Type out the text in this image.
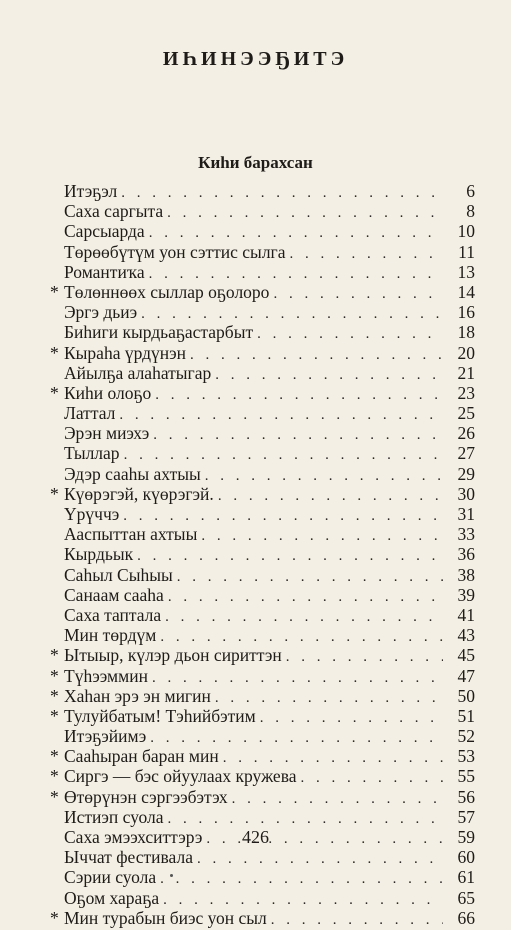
ИҺИНЭЭҔИТЭ
Киһи барахсан
Итэҕэл . . .	6
Саха саргыта . . .	8
Сарсыарда . . .	10
Төрөөбүтүм уон сэттис сылга . . .	11
Романтиҡа . . .	13
* Төлөннөөх сыллар оҕолоро . . .	14
Эргэ дьиэ . . .	16
Биһиги кырдьаҕастарбыт . . .	18
* Кыраһа үрдүнэн . . .	20
Айылҕа алаһатыгар . . .	21
* Киһи олоҕо . . .	23
Латтал . . .	25
Эрэн миэхэ . . .	26
Тыллар . . .	27
Эдэр сааһы ахтыы . . .	29
* Күөрэгэй, күөрэгэй. . . .	30
Үрүччэ . . .	31
Ааспыттан ахтыы . . .	33
Кырдьык . . .	36
Саһыл Сыһыы . . .	38
Санаам сааһа . . .	39
Саха таптала . . .	41
Мин төрдүм . . .	43
* Ытыыр, күлэр дьон сириттэн . . .	45
* Түһээммин . . .	47
* Хаһан эрэ эн мигин . . .	50
* Тулуйбатым! Тэһийбэтим . . .	51
Итэҕэйимэ . . .	52
* Сааһыран баран мин . . .	53
* Сиргэ — бэс ойуулаах кружева . . .	55
* Өтөрүнэн сэргээбэтэх . . .	56
Истиэп суола . . .	57
Саха эмээхситтэрэ . . .	59
Ыччат фестивала . . .	60
Сэрии суола . . .	61
Оҕом хараҕа . . .	65
* Мин турабын биэс уон сыл . . .	66
426
